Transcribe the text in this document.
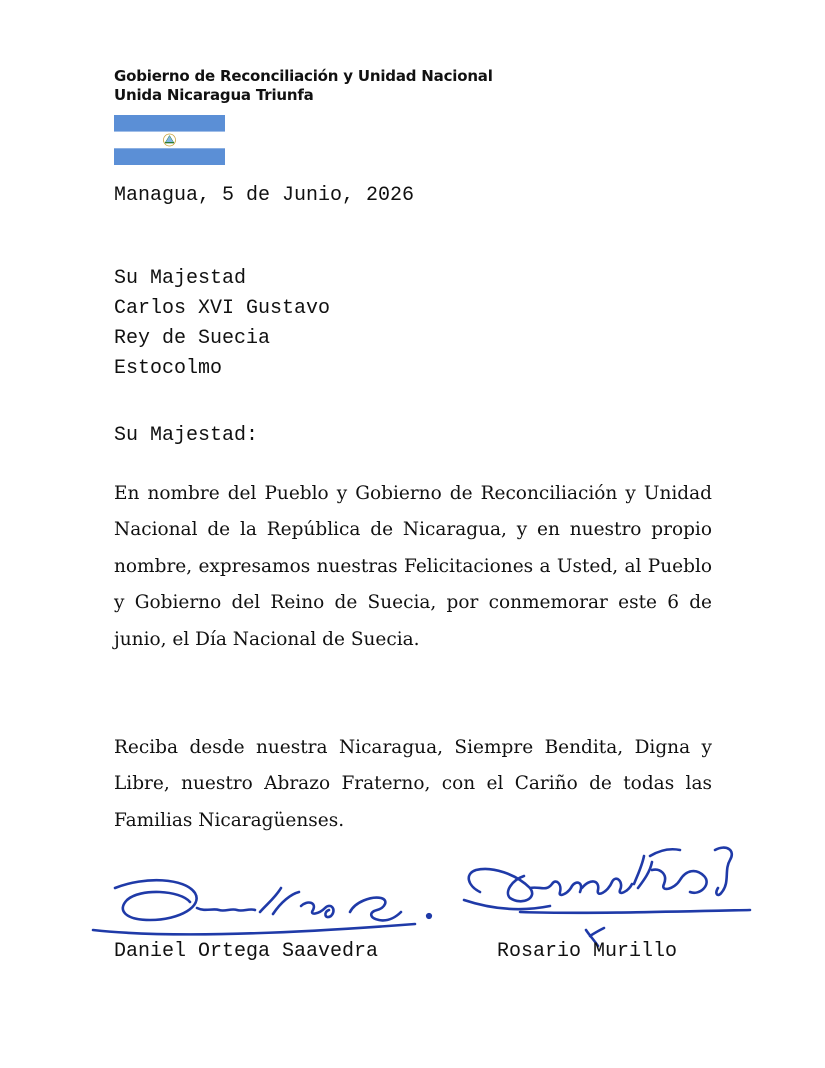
Gobierno de Reconciliación y Unidad Nacional
Unida Nicaragua Triunfa
Managua, 5 de Junio, 2026
Su Majestad
Carlos XVI Gustavo
Rey de Suecia
Estocolmo
Su Majestad:
En nombre del Pueblo y Gobierno de Reconciliación y Unidad Nacional de la República de Nicaragua, y en nuestro propio nombre, expresamos nuestras Felicitaciones a Usted, al Pueblo y Gobierno del Reino de Suecia, por conmemorar este 6 de junio, el Día Nacional de Suecia.
Reciba desde nuestra Nicaragua, Siempre Bendita, Digna y Libre, nuestro Abrazo Fraterno, con el Cariño de todas las Familias Nicaragüenses.
Daniel Ortega Saavedra	Rosario Murillo
